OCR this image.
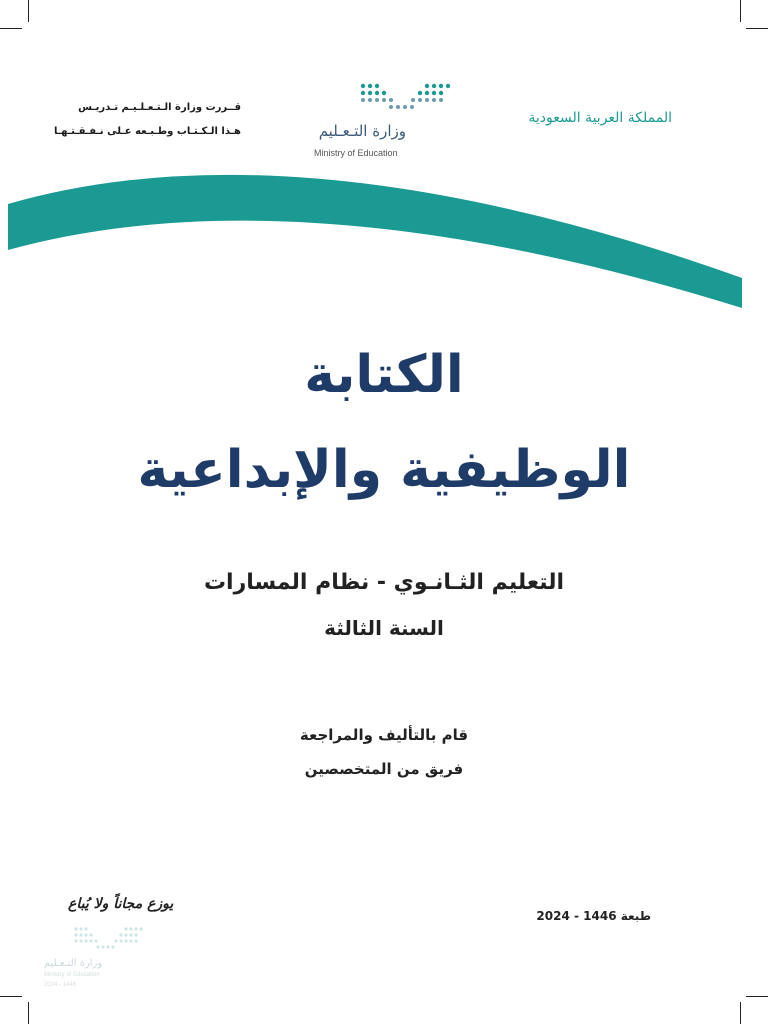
قــررت وزارة الـتـعـلـيـم تـدريـس
هـذا الـكـتـاب وطـبـعه عـلى نـفـقـتـهـا	وزارة التـعـليم
Ministry of Education
المملكة العربية السعودية
الكتابة
الوظيفية والإبداعية
التعليم الثـانـوي - نظام المسارات
السنة الثالثة
قام بالتأليف والمراجعة
فريق من المتخصصين
طبعة 1446 - 2024
يوزع مجاناً ولا يُباع
وزارة التـعـليم
Ministry of Education
2024 - 1446
